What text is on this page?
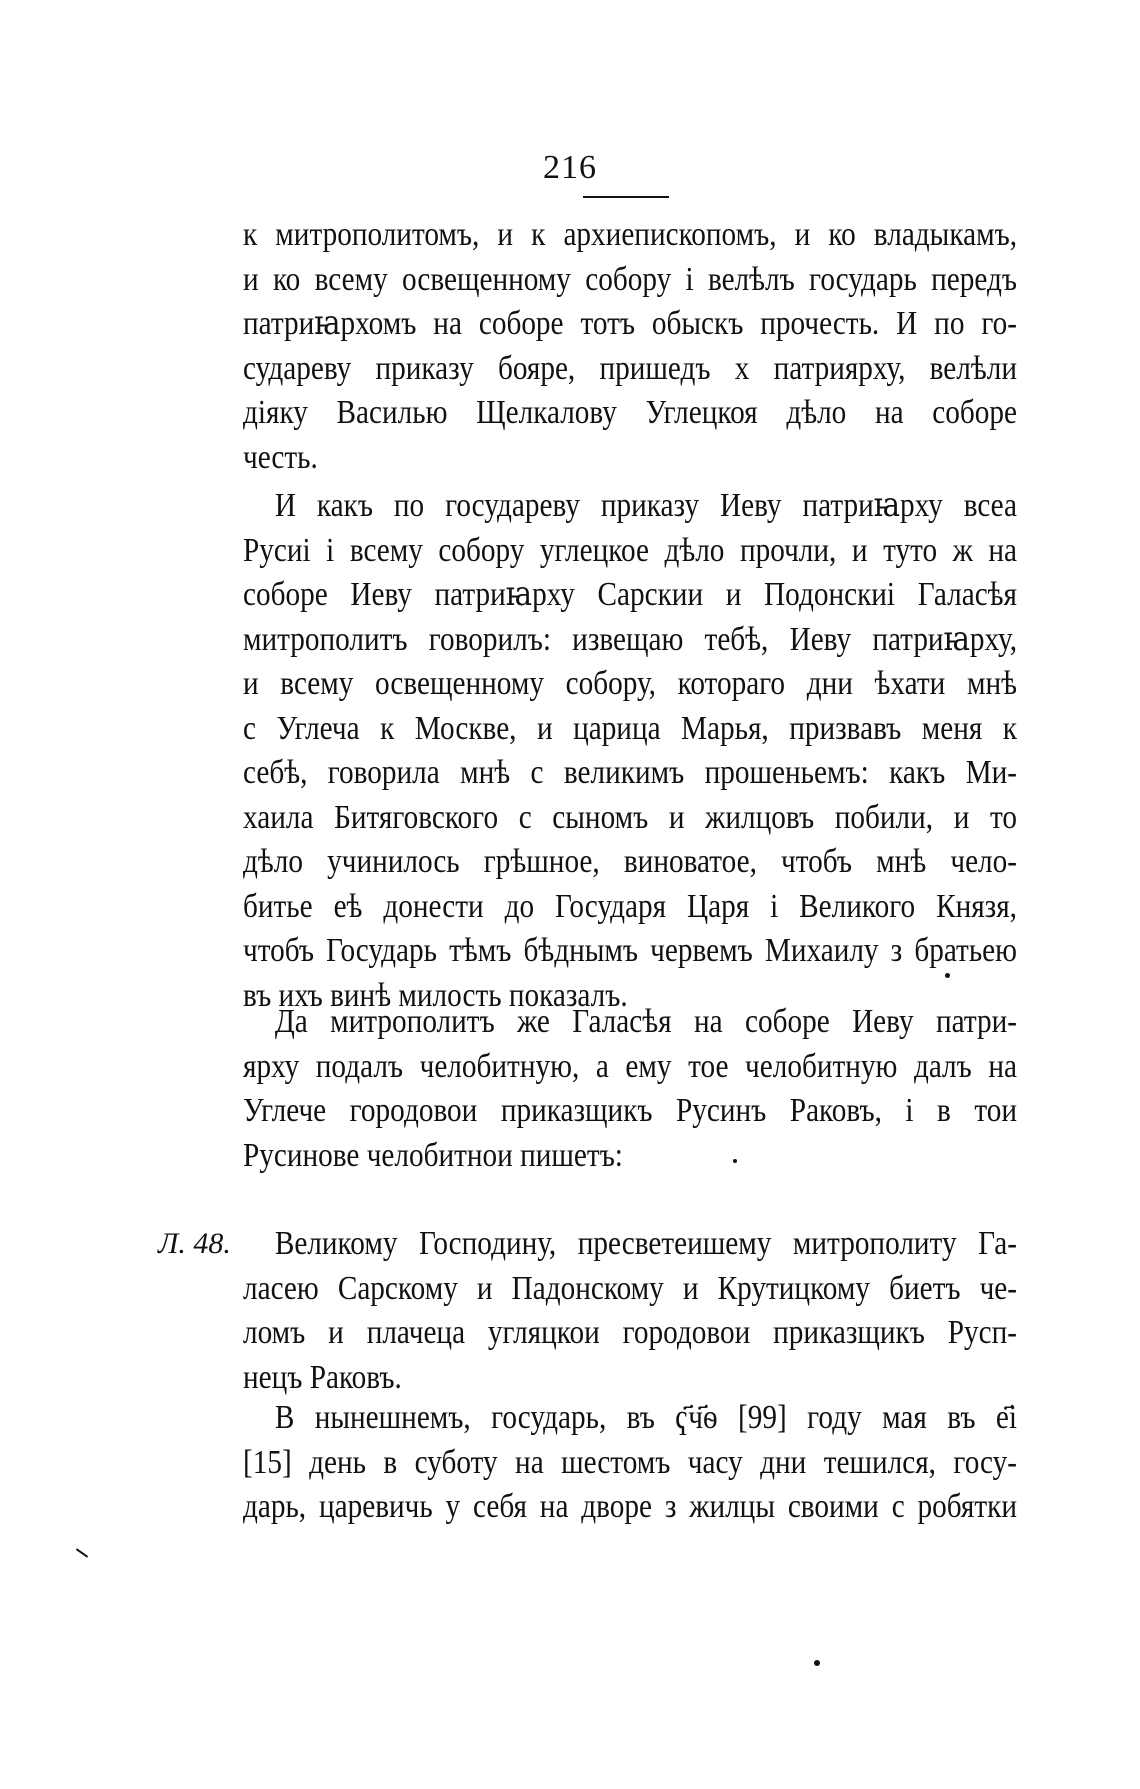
216
к митрополитомъ, и к архиепископомъ, и ко владыкамъ,
и ко всему освещенному собору і велѣлъ государь передъ
патриꙗрхомъ на соборе тотъ обыскъ прочесть. И по го-
судареву приказу бояре, пришедъ х патриярху, велѣли
діяку Василью Щелкалову Углецкоя дѣло на соборе
честь.
И какъ по государеву приказу Иеву патриꙗрху всеа
Русиі і всему собору углецкое дѣло прочли, и туто ж на
соборе Иеву патриꙗрху Сарскии и Подонскиі Галасѣя
митрополитъ говорилъ: извещаю тебѣ, Иеву патриꙗрху,
и всему освещенному собору, котораго дни ѣхати мнѣ
с Углеча к Москве, и царица Марья, призвавъ меня к
себѣ, говорила мнѣ с великимъ прошеньемъ: какъ Ми-
хаила Битяговского с сыномъ и жилцовъ побили, и то
дѣло учинилось грѣшное, виноватое, чтобъ мнѣ чело-
битье еѣ донести до Государя Царя і Великого Князя,
чтобъ Государь тѣмъ бѣднымъ червемъ Михаилу з братьею
въ ихъ винѣ милость показалъ.
Да митрополитъ же Галасѣя на соборе Иеву патри-
ярху подалъ челобитную, а ему тое челобитную далъ на
Углече городовои приказщикъ Русинъ Раковъ, і в тои
Русинове челобитнои пишетъ:
Л. 48.	Великому Господину, пресветеишему митрополиту Га-
ласею Сарскому и Падонскому и Крутицкому биетъ че-
ломъ и плачеца угляцкои городовои приказщикъ Русп-
нецъ Раковъ.
В нынешнемъ, государь, въ ҁ҃ч҃ѳ [99] году мая въ е҃і
[15] день в суботу на шестомъ часу дни тешился, госу-
дарь, царевичь у себя на дворе з жилцы своими с робятки
